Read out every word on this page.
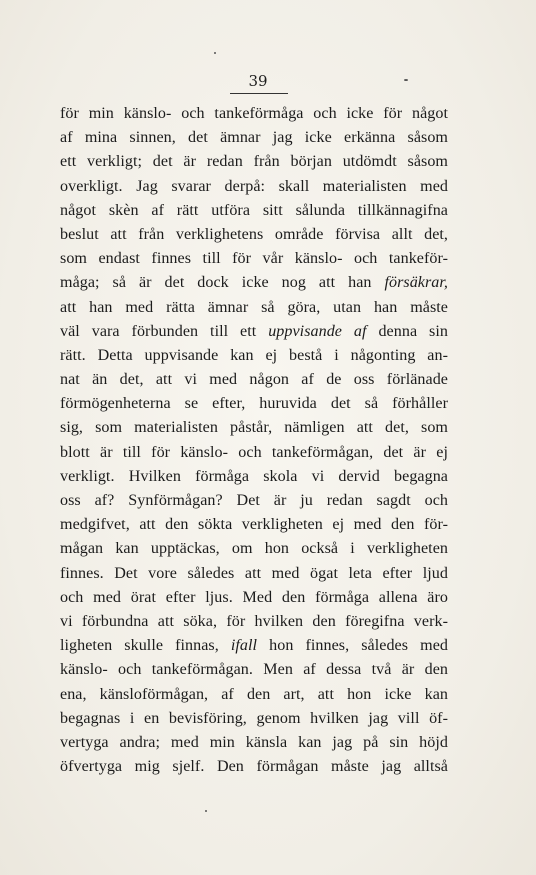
39
för min känslo- och tankeförmåga och icke för något
af mina sinnen, det ämnar jag icke erkänna såsom
ett verkligt; det är redan från början utdömdt såsom
overkligt. Jag svarar derpå: skall materialisten med
något skèn af rätt utföra sitt sålunda tillkännagifna
beslut att från verklighetens område förvisa allt det,
som endast finnes till för vår känslo- och tankeför-
måga; så är det dock icke nog att han försäkrar,
att han med rätta ämnar så göra, utan han måste
väl vara förbunden till ett uppvisande af denna sin
rätt. Detta uppvisande kan ej bestå i någonting an-
nat än det, att vi med någon af de oss förlänade
förmögenheterna se efter, huruvida det så förhåller
sig, som materialisten påstår, nämligen att det, som
blott är till för känslo- och tankeförmågan, det är ej
verkligt. Hvilken förmåga skola vi dervid begagna
oss af? Synförmågan? Det är ju redan sagdt och
medgifvet, att den sökta verkligheten ej med den för-
mågan kan upptäckas, om hon också i verkligheten
finnes. Det vore således att med ögat leta efter ljud
och med örat efter ljus. Med den förmåga allena äro
vi förbundna att söka, för hvilken den föregifna verk-
ligheten skulle finnas, ifall hon finnes, således med
känslo- och tankeförmågan. Men af dessa två är den
ena, känsloförmågan, af den art, att hon icke kan
begagnas i en bevisföring, genom hvilken jag vill öf-
vertyga andra; med min känsla kan jag på sin höjd
öfvertyga mig sjelf. Den förmågan måste jag alltså
